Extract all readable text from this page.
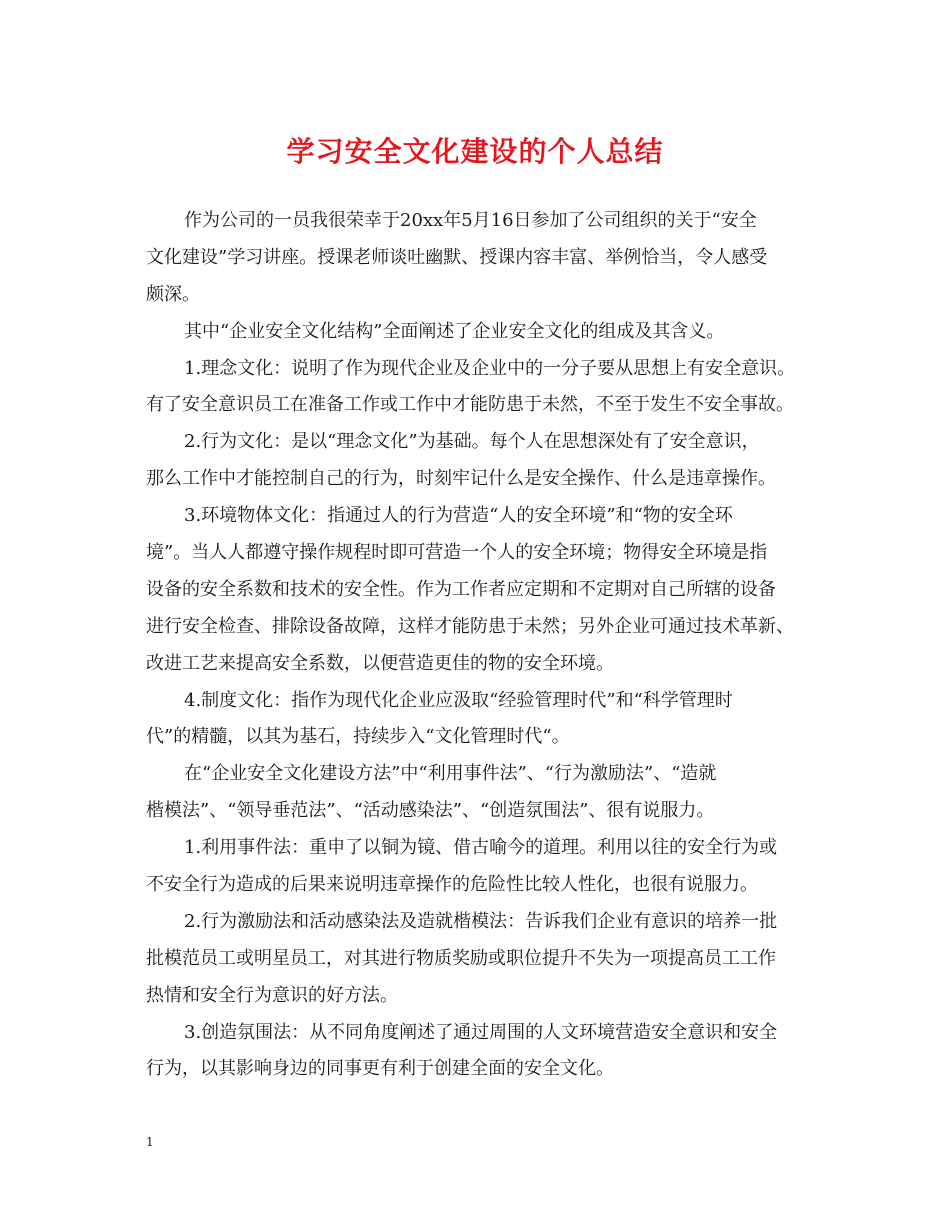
学习安全文化建设的个人总结
作为公司的一员我很荣幸于20xx年5月16日参加了公司组织的关于“安全
文化建设”学习讲座。授课老师谈吐幽默、授课内容丰富、举例恰当，令人感受
颇深。
其中“企业安全文化结构”全面阐述了企业安全文化的组成及其含义。
1.理念文化：说明了作为现代企业及企业中的一分子要从思想上有安全意识。
有了安全意识员工在准备工作或工作中才能防患于未然，不至于发生不安全事故。
2.行为文化：是以“理念文化”为基础。每个人在思想深处有了安全意识，
那么工作中才能控制自己的行为，时刻牢记什么是安全操作、什么是违章操作。
3.环境物体文化：指通过人的行为营造“人的安全环境”和“物的安全环
境”。当人人都遵守操作规程时即可营造一个人的安全环境；物得安全环境是指
设备的安全系数和技术的安全性。作为工作者应定期和不定期对自己所辖的设备
进行安全检查、排除设备故障，这样才能防患于未然；另外企业可通过技术革新、
改进工艺来提高安全系数，以便营造更佳的物的安全环境。
4.制度文化：指作为现代化企业应汲取“经验管理时代”和“科学管理时
代”的精髓，以其为基石，持续步入“文化管理时代“。
在“企业安全文化建设方法”中“利用事件法”、“行为激励法”、“造就
楷模法”、“领导垂范法”、“活动感染法”、“创造氛围法”、很有说服力。
1.利用事件法：重申了以铜为镜、借古喻今的道理。利用以往的安全行为或
不安全行为造成的后果来说明违章操作的危险性比较人性化，也很有说服力。
2.行为激励法和活动感染法及造就楷模法：告诉我们企业有意识的培养一批
批模范员工或明星员工，对其进行物质奖励或职位提升不失为一项提高员工工作
热情和安全行为意识的好方法。
3.创造氛围法：从不同角度阐述了通过周围的人文环境营造安全意识和安全
行为，以其影响身边的同事更有利于创建全面的安全文化。
1
